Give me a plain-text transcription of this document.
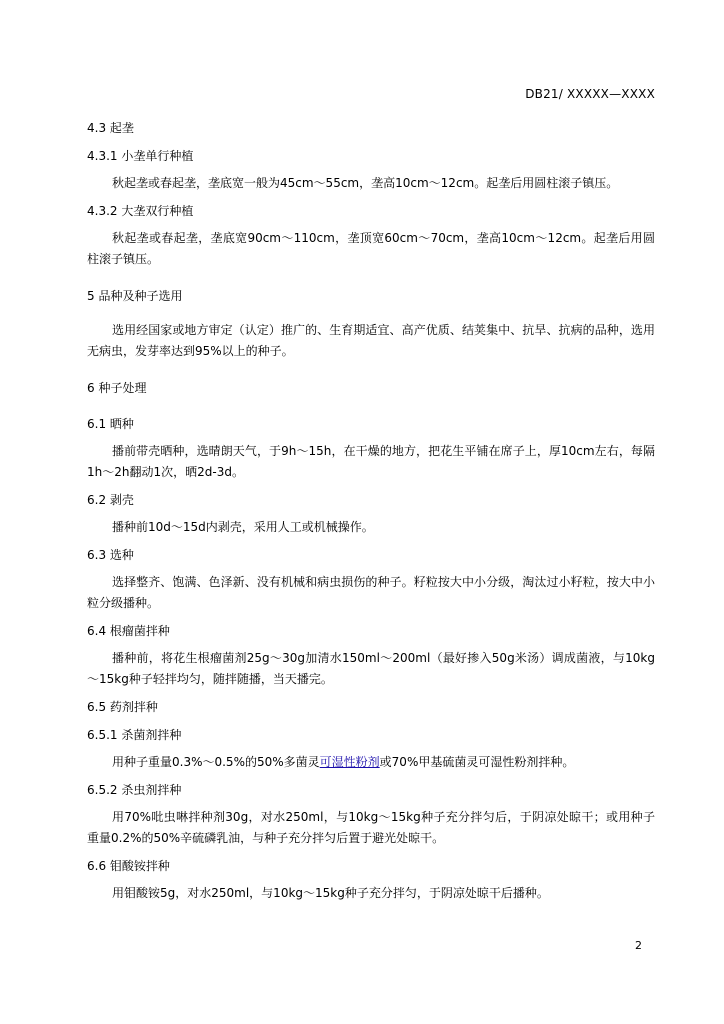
DB21/ XXXXX—XXXX

4.3 起垄

4.3.1 小垄单行种植

秋起垄或春起垄，垄底宽一般为45cm～55cm，垄高10cm～12cm。起垄后用圆柱滚子镇压。

4.3.2 大垄双行种植

秋起垄或春起垄，垄底宽90cm～110cm，垄顶宽60cm～70cm，垄高10cm～12cm。起垄后用圆柱滚子镇压。

5 品种及种子选用

选用经国家或地方审定（认定）推广的、生育期适宜、高产优质、结荚集中、抗旱、抗病的品种，选用无病虫，发芽率达到95%以上的种子。

6 种子处理

6.1 晒种

播前带壳晒种，选晴朗天气，于9h～15h，在干燥的地方，把花生平铺在席子上，厚10cm左右，每隔1h～2h翻动1次，晒2d-3d。

6.2 剥壳

播种前10d～15d内剥壳，采用人工或机械操作。

6.3 选种

选择整齐、饱满、色泽新、没有机械和病虫损伤的种子。籽粒按大中小分级，淘汰过小籽粒，按大中小粒分级播种。

6.4 根瘤菌拌种

播种前，将花生根瘤菌剂25g～30g加清水150ml～200ml（最好掺入50g米汤）调成菌液，与10kg～15kg种子轻拌均匀，随拌随播，当天播完。

6.5 药剂拌种

6.5.1 杀菌剂拌种

用种子重量0.3%～0.5%的50%多菌灵可湿性粉剂或70%甲基硫菌灵可湿性粉剂拌种。

6.5.2 杀虫剂拌种

用70%吡虫啉拌种剂30g，对水250ml，与10kg～15kg种子充分拌匀后，于阴凉处晾干；或用种子重量0.2%的50%辛硫磷乳油，与种子充分拌匀后置于避光处晾干。

6.6 钼酸铵拌种

用钼酸铵5g，对水250ml，与10kg～15kg种子充分拌匀，于阴凉处晾干后播种。

2
